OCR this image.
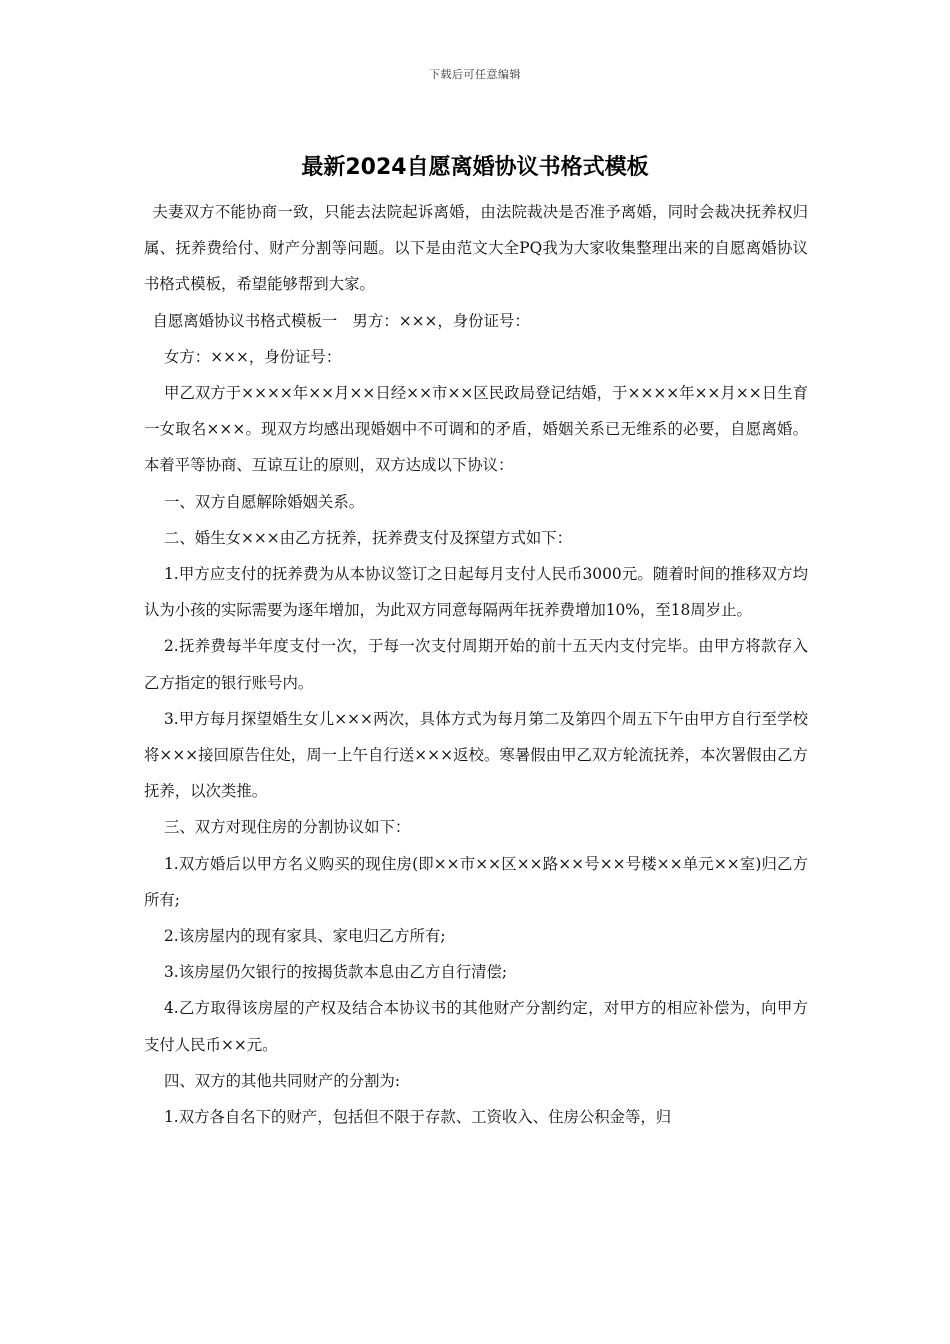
下载后可任意编辑
最新2024自愿离婚协议书格式模板

夫妻双方不能协商一致，只能去法院起诉离婚，由法院裁决是否准予离婚，同时会裁决抚养权归属、抚养费给付、财产分割等问题。以下是由范文大全PQ我为大家收集整理出来的自愿离婚协议书格式模板，希望能够帮到大家。

自愿离婚协议书格式模板一　男方：×××，身份证号：

女方：×××，身份证号：

甲乙双方于××××年××月××日经××市××区民政局登记结婚，于××××年××月××日生育一女取名×××。现双方均感出现婚姻中不可调和的矛盾，婚姻关系已无维系的必要，自愿离婚。本着平等协商、互谅互让的原则，双方达成以下协议：

一、双方自愿解除婚姻关系。

二、婚生女×××由乙方抚养，抚养费支付及探望方式如下：

1.甲方应支付的抚养费为从本协议签订之日起每月支付人民币3000元。随着时间的推移双方均认为小孩的实际需要为逐年增加，为此双方同意每隔两年抚养费增加10%，至18周岁止。

2.抚养费每半年度支付一次，于每一次支付周期开始的前十五天内支付完毕。由甲方将款存入乙方指定的银行账号内。

3.甲方每月探望婚生女儿×××两次，具体方式为每月第二及第四个周五下午由甲方自行至学校将×××接回原告住处，周一上午自行送×××返校。寒暑假由甲乙双方轮流抚养，本次署假由乙方抚养，以次类推。

三、双方对现住房的分割协议如下：

1.双方婚后以甲方名义购买的现住房(即××市××区××路××号××号楼××单元××室)归乙方所有;

2.该房屋内的现有家具、家电归乙方所有;

3.该房屋仍欠银行的按揭货款本息由乙方自行清偿;

4.乙方取得该房屋的产权及结合本协议书的其他财产分割约定，对甲方的相应补偿为，向甲方支付人民币××元。

四、双方的其他共同财产的分割为:

1.双方各自名下的财产，包括但不限于存款、工资收入、住房公积金等，归
